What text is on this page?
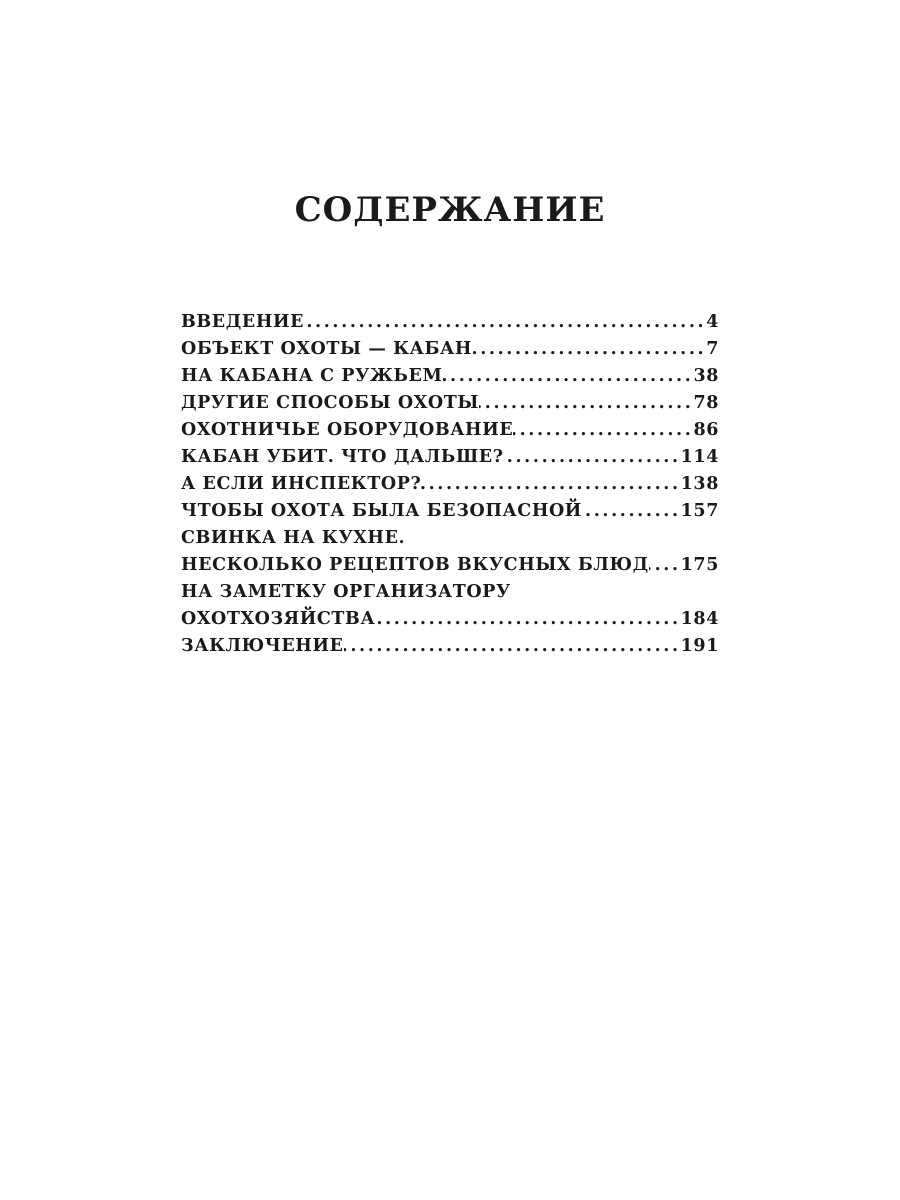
СОДЕРЖАНИЕ
ВВЕДЕНИЕ .....	4
ОБЪЕКТ ОХОТЫ — КАБАН .....	7
НА КАБАНА С РУЖЬЕМ .....	38
ДРУГИЕ СПОСОБЫ ОХОТЫ .....	78
ОХОТНИЧЬЕ ОБОРУДОВАНИЕ .....	86
КАБАН УБИТ. ЧТО ДАЛЬШЕ? .....	114
А ЕСЛИ ИНСПЕКТОР? .....	138
ЧТОБЫ ОХОТА БЫЛА БЕЗОПАСНОЙ .....	157
СВИНКА НА КУХНЕ.
НЕСКОЛЬКО РЕЦЕПТОВ ВКУСНЫХ БЛЮД ..... 175
НА ЗАМЕТКУ ОРГАНИЗАТОРУ
ОХОТХОЗЯЙСТВА .....	184
ЗАКЛЮЧЕНИЕ .....	191
